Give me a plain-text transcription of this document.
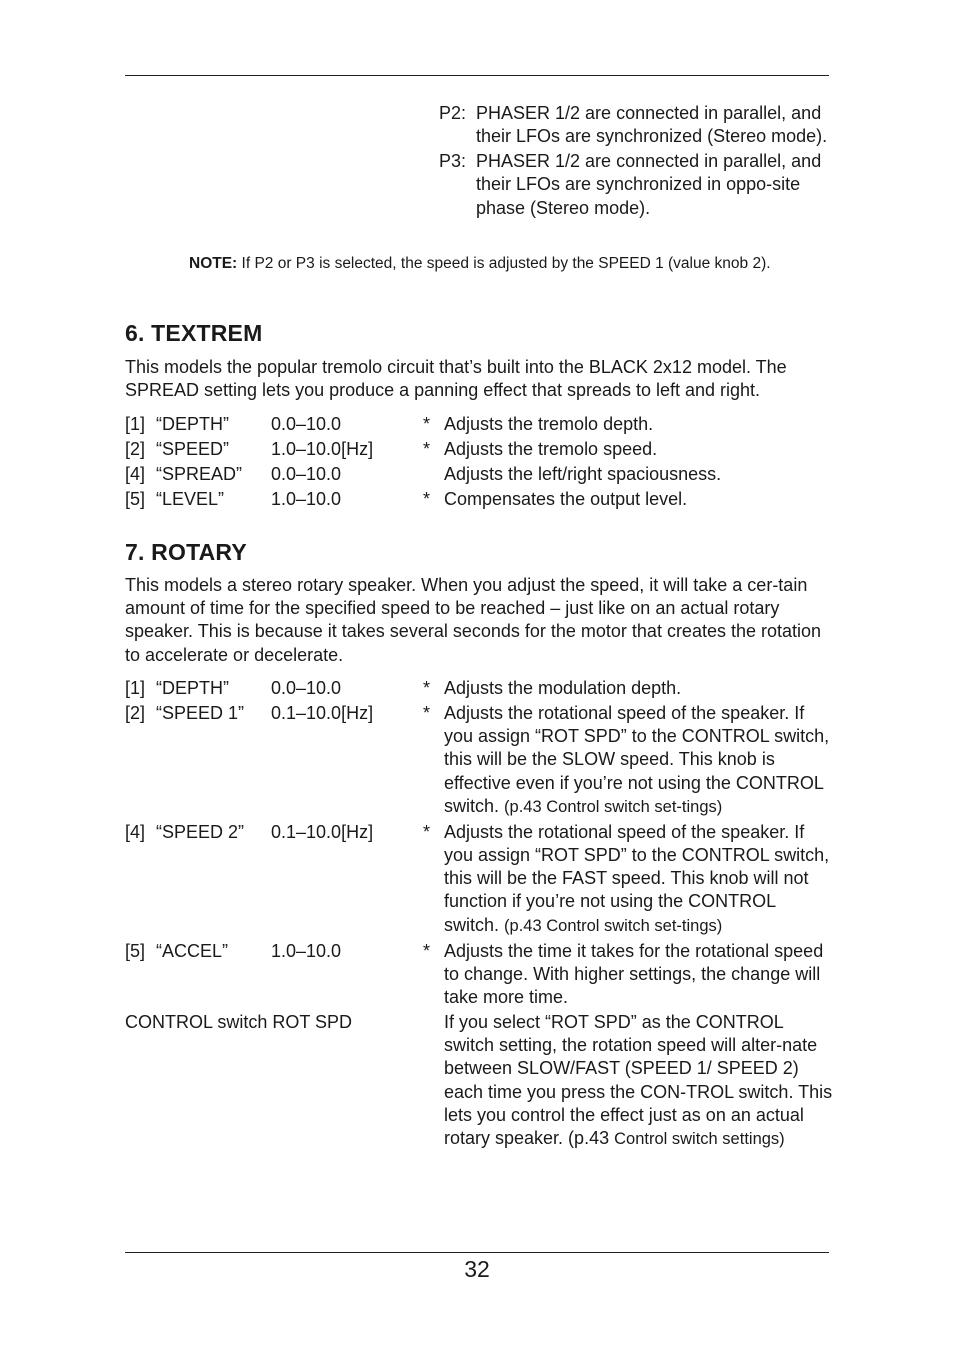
P2: PHASER 1/2 are connected in parallel, and their LFOs are synchronized (Stereo mode).
P3: PHASER 1/2 are connected in parallel, and their LFOs are synchronized in oppo-site phase (Stereo mode).
NOTE: If P2 or P3 is selected, the speed is adjusted by the SPEED 1 (value knob 2).
6. TEXTREM
This models the popular tremolo circuit that’s built into the BLACK 2x12 model. The SPREAD setting lets you produce a panning effect that spreads to left and right.
[1] “DEPTH”	0.0–10.0	* Adjusts the tremolo depth.
[2] “SPEED”	1.0–10.0[Hz]	* Adjusts the tremolo speed.
[4] “SPREAD”	0.0–10.0	Adjusts the left/right spaciousness.
[5] “LEVEL”	1.0–10.0	* Compensates the output level.
7. ROTARY
This models a stereo rotary speaker. When you adjust the speed, it will take a cer-tain amount of time for the specified speed to be reached – just like on an actual rotary speaker. This is because it takes several seconds for the motor that creates the rotation to accelerate or decelerate.
[1] “DEPTH”	0.0–10.0	* Adjusts the modulation depth.
[2] “SPEED 1”	0.1–10.0[Hz]	* Adjusts the rotational speed of the speaker. If you assign “ROT SPD” to the CONTROL switch, this will be the SLOW speed. This knob is effective even if you’re not using the CONTROL switch. (p.43 Control switch set-tings)
[4] “SPEED 2”	0.1–10.0[Hz]	* Adjusts the rotational speed of the speaker. If you assign “ROT SPD” to the CONTROL switch, this will be the FAST speed. This knob will not function if you’re not using the CONTROL switch. (p.43 Control switch set-tings)
[5] “ACCEL”	1.0–10.0	* Adjusts the time it takes for the rotational speed to change. With higher settings, the change will take more time.
CONTROL switch ROT SPD	If you select “ROT SPD” as the CONTROL switch setting, the rotation speed will alter-nate between SLOW/FAST (SPEED 1/ SPEED 2) each time you press the CON-TROL switch. This lets you control the effect just as on an actual rotary speaker. (p.43 Control switch settings)
32
